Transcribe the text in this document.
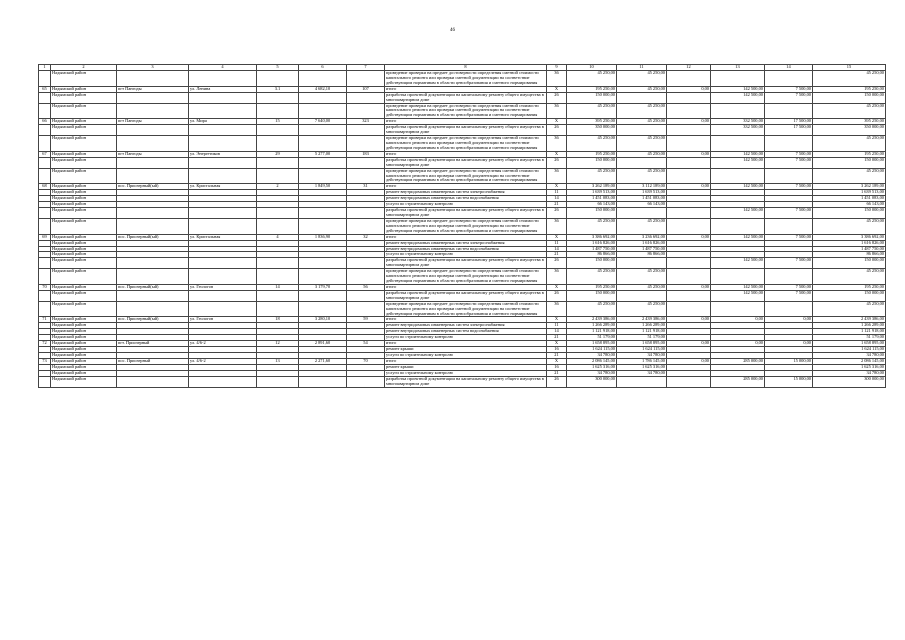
46
1	2	3	4	5	6	7	8	9	10	11	12	13	14	15
	Надымский район						проведение проверки на предмет достоверности определения сметной стоимости капитального ремонта или проверки сметной документации на соответствие действующим нормативам в области ценообразования и сметного нормирования	36	45 250,00	45 250,00				45 250,00
65	Надымский район	пгт Пангоды	ул. Ленина	3.1	4 682,10	107	итого	X	195 250,00	45 250,00	0,00	142 500,00	7 500,00	195 250,00
	Надымский район						разработка проектной документации на капитальному ремонту общего имущества в многоквартирном доме	26	150 000,00			142 500,00	7 500,00	150 000,00
	Надымский район						проведение проверки на предмет достоверности определения сметной стоимости капитального ремонта или проверки сметной документации на соответствие действующим нормативам в области ценообразования и сметного нормирования	36	45 250,00	45 250,00				45 250,00
66	Надымский район	пгт Пангоды	ул. Мира	15	7 640,00	323	итого	X	395 250,00	45 250,00	0,00	332 500,00	17 500,00	395 250,00
	Надымский район						разработка проектной документации на капитальному ремонту общего имущества в многоквартирном доме	26	350 000,00			332 500,00	17 500,00	350 000,00
	Надымский район						проведение проверки на предмет достоверности определения сметной стоимости капитального ремонта или проверки сметной документации на соответствие действующим нормативам в области ценообразования и сметного нормирования	36	45 250,00	45 250,00				45 250,00
67	Надымский район	пгт Пангоды	ул. Энергетиков	29	5 277,00	183	итого	X	195 250,00	45 250,00	0,00	142 500,00	7 500,00	195 250,00
	Надымский район						разработка проектной документации на капитальному ремонту общего имущества в многоквартирном доме	26	150 000,00			142 500,00	7 500,00	150 000,00
	Надымский район						проведение проверки на предмет достоверности определения сметной стоимости капитального ремонта или проверки сметной документации на соответствие действующим нормативам в области ценообразования и сметного нормирования	36	45 250,00	45 250,00				45 250,00
68	Надымский район	пос. Приозерный(ый)	ул. Кристальная	2	1 849,50	31	итого	X	3 262 189,00	3 112 189,00	0,00	142 500,00	7 500,00	3 262 189,00
	Надымский район						ремонт внутридомовых инженерных систем электроснабжения	11	1 639 513,00	1 639 513,00				1 639 513,00
	Надымский район						ремонт внутридомовых инженерных систем водоснабжения	14	1 451 083,00	1 451 083,00				1 451 083,00
	Надымский район						услуги по строительному контролю	21	66 143,00	66 143,00				66 143,00
	Надымский район						разработка проектной документации на капитальному ремонту общего имущества в многоквартирном доме	26	150 000,00			142 500,00	7 500,00	150 000,00
	Надымский район						проведение проверки на предмет достоверности определения сметной стоимости капитального ремонта или проверки сметной документации на соответствие действующим нормативам в области ценообразования и сметного нормирования	36	45 250,00	45 250,00				45 250,00
69	Надымский район	пос. Приозерный(ый)	ул. Кристальная	4	1 836,90	32	итого	X	3 386 692,00	3 236 692,00	0,00	142 500,00	7 500,00	3 386 692,00
	Надымский район						ремонт внутридомовых инженерных систем электроснабжения	11	1 616 826,00	1 616 826,00				1 616 826,00
	Надымский район						ремонт внутридомовых инженерных систем водоснабжения	14	1 487 750,00	1 487 750,00				1 487 750,00
	Надымский район						услуги по строительному контролю	21	86 866,00	86 866,00				86 866,00
	Надымский район						разработка проектной документации на капитальному ремонту общего имущества в многоквартирном доме	26	150 000,00			142 500,00	7 500,00	150 000,00
	Надымский район						проведение проверки на предмет достоверности определения сметной стоимости капитального ремонта или проверки сметной документации на соответствие действующим нормативам в области ценообразования и сметного нормирования	36	45 250,00	45 250,00				45 250,00
70	Надымский район	пос. Приозерный(ый)	ул. Геологов	14	3 179,70	56	итого	X	195 250,00	45 250,00	0,00	142 500,00	7 500,00	195 250,00
	Надымский район						разработка проектной документации на капитальному ремонту общего имущества в многоквартирном доме	26	150 000,00			142 500,00	7 500,00	150 000,00
	Надымский район						проведение проверки на предмет достоверности определения сметной стоимости капитального ремонта или проверки сметной документации на соответствие действующим нормативам в области ценообразования и сметного нормирования	36	45 250,00	45 250,00				45 250,00
71	Надымский район	пос. Приозерный(ый)	ул. Геологов	18	3 280,10	59	итого	X	2 439 386,00	2 439 386,00	0,00	0,00	0,00	2 439 386,00
	Надымский район						ремонт внутридомовых инженерных систем электроснабжения	11	1 266 289,00	1 266 289,00				1 266 289,00
	Надымский район						ремонт внутридомовых инженерных систем водоснабжения	14	1 121 918,00	1 121 918,00				1 121 918,00
	Надымский район						услуги по строительному контролю	21	51 179,00	51 179,00				51 179,00
72	Надымский район	пгт. Приозерный	ул. 4/6-2	12	2 891,60	54	итого	X	1 658 895,00	1 658 895,00	0,00	0,00	0,00	1 658 895,00
	Надымский район						ремонт крыши	16	1 624 115,00	1 624 115,00				1 624 115,00
	Надымский район						услуги по строительному контролю	21	34 780,00	34 780,00				34 780,00
73	Надымский район	пос. Приозерный	ул. 4/6-2	13	2 271,60	70	итого	X	2 086 145,00	1 786 145,00	0,00	285 000,00	15 000,00	2 086 145,00
	Надымский район						ремонт крыши	16	1 625 316,00	1 625 316,00				1 625 316,00
	Надымский район						услуги по строительному контролю	21	34 780,00	34 780,00				34 780,00
	Надымский район						разработка проектной документации на капитальному ремонту общего имущества в многоквартирном доме	26	300 000,00			285 000,00	15 000,00	300 000,00
